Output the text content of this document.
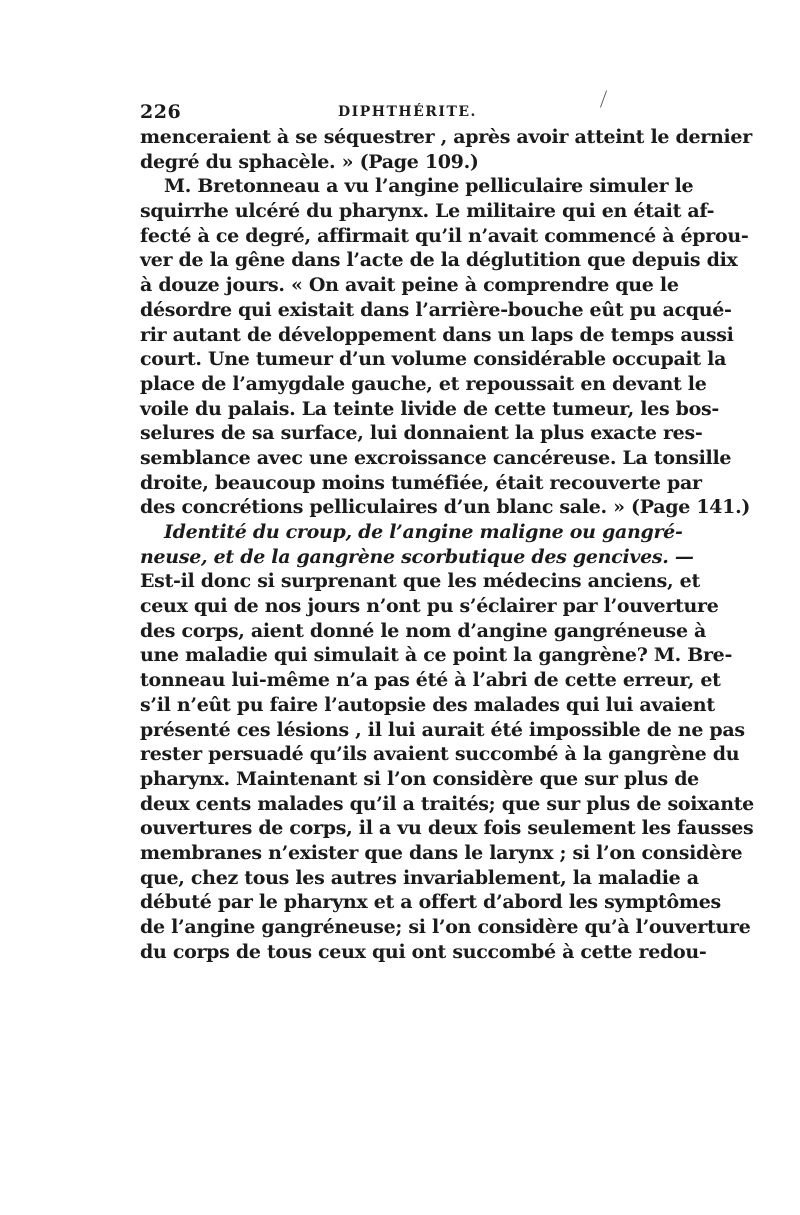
226	DIPHTHÉRITE.
menceraient à se séquestrer , après avoir atteint le dernier
degré du sphacèle. » (Page 109.)
M. Bretonneau a vu l’angine pelliculaire simuler le
squirrhe ulcéré du pharynx. Le militaire qui en était af-
fecté à ce degré, affirmait qu’il n’avait commencé à éprou-
ver de la gêne dans l’acte de la déglutition que depuis dix
à douze jours. « On avait peine à comprendre que le
désordre qui existait dans l’arrière-bouche eût pu acqué-
rir autant de développement dans un laps de temps aussi
court. Une tumeur d’un volume considérable occupait la
place de l’amygdale gauche, et repoussait en devant le
voile du palais. La teinte livide de cette tumeur, les bos-
selures de sa surface, lui donnaient la plus exacte res-
semblance avec une excroissance cancéreuse. La tonsille
droite, beaucoup moins tuméfiée, était recouverte par
des concrétions pelliculaires d’un blanc sale. » (Page 141.)
Identité du croup, de l’angine maligne ou gangré-
neuse, et de la gangrène scorbutique des gencives. —
Est-il donc si surprenant que les médecins anciens, et
ceux qui de nos jours n’ont pu s’éclairer par l’ouverture
des corps, aient donné le nom d’angine gangréneuse à
une maladie qui simulait à ce point la gangrène? M. Bre-
tonneau lui-même n’a pas été à l’abri de cette erreur, et
s’il n’eût pu faire l’autopsie des malades qui lui avaient
présenté ces lésions , il lui aurait été impossible de ne pas
rester persuadé qu’ils avaient succombé à la gangrène du
pharynx. Maintenant si l’on considère que sur plus de
deux cents malades qu’il a traités; que sur plus de soixante
ouvertures de corps, il a vu deux fois seulement les fausses
membranes n’exister que dans le larynx ; si l’on considère
que, chez tous les autres invariablement, la maladie a
débuté par le pharynx et a offert d’abord les symptômes
de l’angine gangréneuse; si l’on considère qu’à l’ouverture
du corps de tous ceux qui ont succombé à cette redou-
